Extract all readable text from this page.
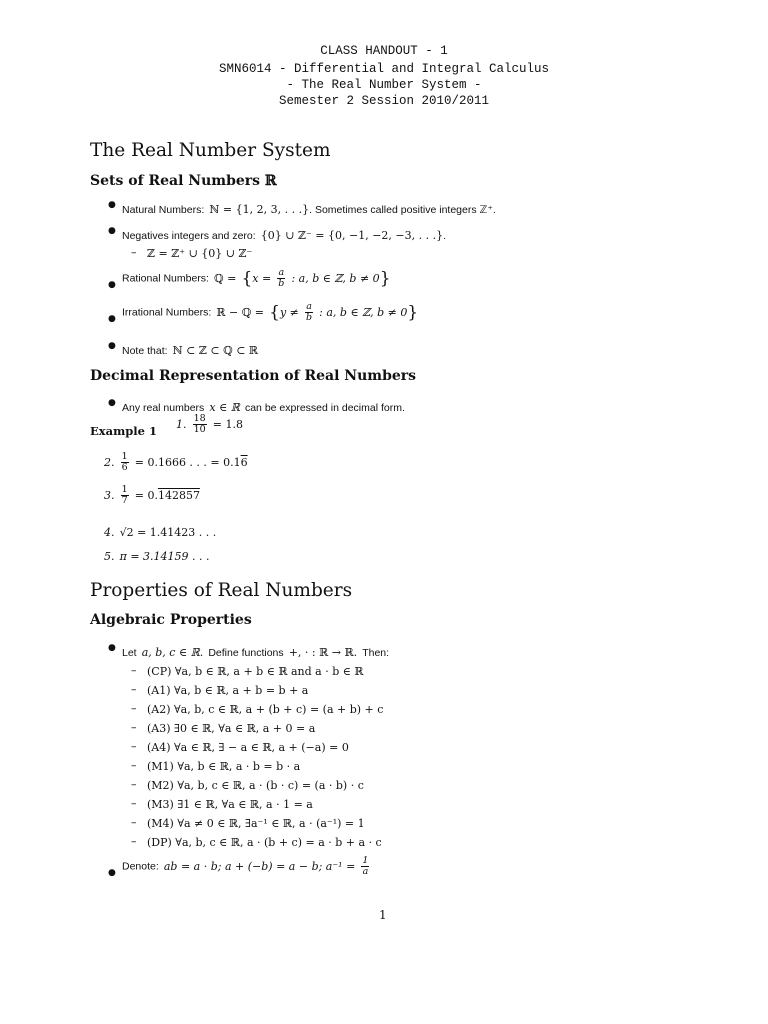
CLASS HANDOUT - 1
SMN6014 - Differential and Integral Calculus
- The Real Number System -
Semester 2 Session 2010/2011
The Real Number System
Sets of Real Numbers ℝ
● Natural Numbers: ℕ = {1, 2, 3, . . .}. Sometimes called positive integers ℤ⁺.
● Negatives integers and zero: {0} ∪ ℤ⁻ = {0, −1, −2, −3, . . .}.
– ℤ = ℤ⁺ ∪ {0} ∪ ℤ⁻
●
Rational Numbers: ℚ = {$x = \frac{a}{b}$ : a, b ∈ ℤ, b ≠ 0}
●
Irrational Numbers: ℝ − ℚ = {$y \ne \frac{a}{b}$ : a, b ∈ ℤ, b ≠ 0}
● Note that: ℕ ⊂ ℤ ⊂ ℚ ⊂ ℝ
Decimal Representation of Real Numbers
● Any real numbers x ∈ ℝ can be expressed in decimal form.
Example 1 1. $\frac{18}{10} = 1.8$
2. $\frac{1}{6} = 0.1666$ . . . = 0.16
3. $\frac{1}{7} = 0.142857$
4. √2 = 1.41423 . . .
5. π = 3.14159 . . .
Properties of Real Numbers
Algebraic Properties
● Let a, b, c ∈ ℝ. Define functions +, · : ℝ → ℝ. Then:
– (CP) ∀a, b ∈ ℝ, a + b ∈ ℝ and a · b ∈ ℝ
– (A1) ∀a, b ∈ ℝ, a + b = b + a
– (A2) ∀a, b, c ∈ ℝ, a + (b + c) = (a + b) + c
– (A3) ∃0 ∈ ℝ, ∀a ∈ ℝ, a + 0 = a
– (A4) ∀a ∈ ℝ, ∃ − a ∈ ℝ, a + (−a) = 0
– (M1) ∀a, b ∈ ℝ, a · b = b · a
– (M2) ∀a, b, c ∈ ℝ, a · (b · c) = (a · b) · c
– (M3) ∃1 ∈ ℝ, ∀a ∈ ℝ, a · 1 = a
– (M4) ∀a ≠ 0 ∈ ℝ, ∃a⁻¹ ∈ ℝ, a · (a⁻¹) = 1
– (DP) ∀a, b, c ∈ ℝ, a · (b + c) = a · b + a · c
●
Denote: ab = a · b; a + (−b) = a − b; $a^{-1} = \frac{1}{a}$
1
